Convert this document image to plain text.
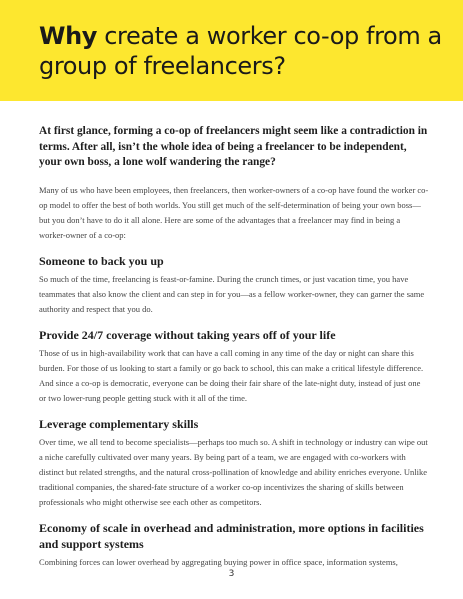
Why create a worker co-op from a group of freelancers?

At first glance, forming a co-op of freelancers might seem like a contradiction in terms. After all, isn’t the whole idea of being a freelancer to be independent, your own boss, a lone wolf wandering the range?

Many of us who have been employees, then freelancers, then worker-owners of a co-op have found the worker co-op model to offer the best of both worlds. You still get much of the self-determination of being your own boss—but you don’t have to do it all alone. Here are some of the advantages that a freelancer may find in being a worker-owner of a co-op:

Someone to back you up

So much of the time, freelancing is feast-or-famine. During the crunch times, or just vacation time, you have teammates that also know the client and can step in for you—as a fellow worker-owner, they can garner the same authority and respect that you do.

Provide 24/7 coverage without taking years off of your life

Those of us in high-availability work that can have a call coming in any time of the day or night can share this burden. For those of us looking to start a family or go back to school, this can make a critical lifestyle difference. And since a co-op is democratic, everyone can be doing their fair share of the late-night duty, instead of just one or two lower-rung people getting stuck with it all of the time.

Leverage complementary skills

Over time, we all tend to become specialists—perhaps too much so. A shift in technology or industry can wipe out a niche carefully cultivated over many years. By being part of a team, we are engaged with co-workers with distinct but related strengths, and the natural cross-pollination of knowledge and ability enriches everyone. Unlike traditional companies, the shared-fate structure of a worker co-op incentivizes the sharing of skills between professionals who might otherwise see each other as competitors.

Economy of scale in overhead and administration, more options in facilities and support systems

Combining forces can lower overhead by aggregating buying power in office space, information systems,

3
